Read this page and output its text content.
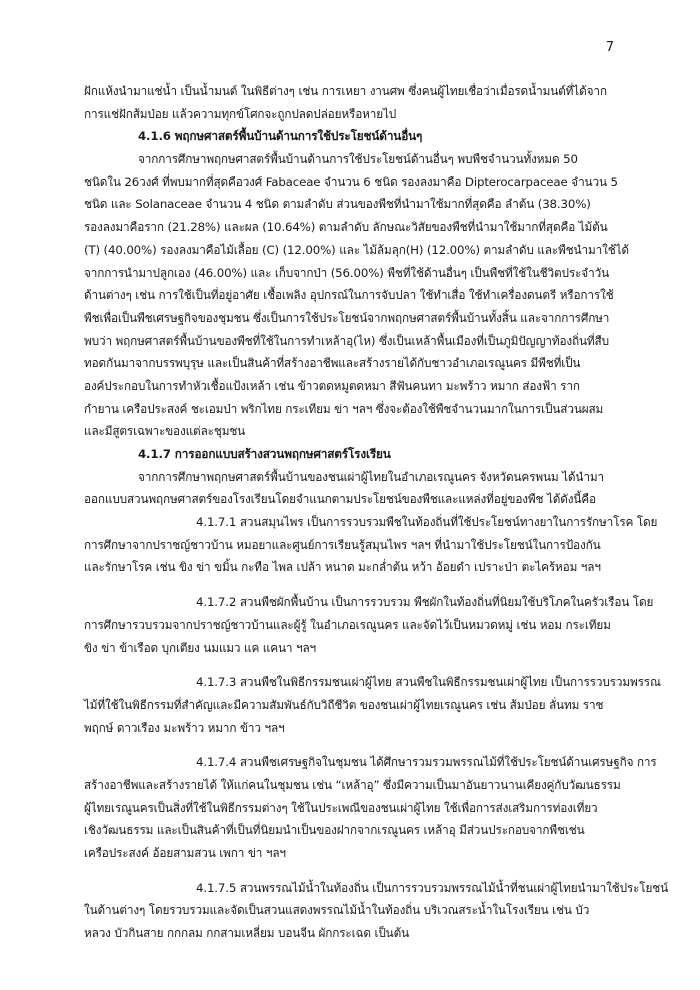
7
ฝักแห้งนำมาแช่น้ำ เป็นน้ำมนต์ ในพิธีต่างๆ เช่น การเหยา งานศพ ซึ่งคนผู้ไทยเชื่อว่าเมื่อรดน้ำมนต์ที่ได้จาก
การแช่ฝักส้มป่อย แล้วความทุกข์โศกจะถูกปลดปล่อยหรือหายไป
4.1.6 พฤกษศาสตร์พื้นบ้านด้านการใช้ประโยชน์ด้านอื่นๆ
จากการศึกษาพฤกษศาสตร์พื้นบ้านด้านการใช้ประโยชน์ด้านอื่นๆ พบพืชจำนวนทั้งหมด 50
ชนิดใน 26วงศ์ ที่พบมากที่สุดคือวงศ์ Fabaceae จำนวน 6 ชนิด รองลงมาคือ Dipterocarpaceae จำนวน 5
ชนิด และ Solanaceae จำนวน 4 ชนิด ตามลำดับ ส่วนของพืชที่นำมาใช้มากที่สุดคือ ลำต้น (38.30%)
รองลงมาคือราก (21.28%) และผล (10.64%) ตามลำดับ ลักษณะวิสัยของพืชที่นำมาใช้มากที่สุดคือ ไม้ต้น
(T) (40.00%) รองลงมาคือไม้เลื้อย (C) (12.00%) และ ไม้ล้มลุก(H) (12.00%) ตามลำดับ และพืชนำมาใช้ได้
จากการนำมาปลูกเอง (46.00%) และ เก็บจากป่า (56.00%) พืชที่ใช้ด้านอื่นๆ เป็นพืชที่ใช้ในชีวิตประจำวัน
ด้านต่างๆ เช่น การใช้เป็นที่อยู่อาศัย เชื้อเพลิง อุปกรณ์ในการจับปลา ใช้ทำเสื่อ ใช้ทำเครื่องดนตรี หรือการใช้
พืชเพื่อเป็นพืชเศรษฐกิจของชุมชน ซึ่งเป็นการใช้ประโยชน์จากพฤกษศาสตร์พื้นบ้านทั้งสิ้น และจากการศึกษา
พบว่า พฤกษศาสตร์พื้นบ้านของพืชที่ใช้ในการทำเหล้าอุ(ไห) ซึ่งเป็นเหล้าพื้นเมืองที่เป็นภูมิปัญญาท้องถิ่นที่สืบ
ทอดกันมาจากบรรพบุรุษ และเป็นสินค้าที่สร้างอาชีพและสร้างรายได้กับชาวอำเภอเรณูนคร มีพืชที่เป็น
องค์ประกอบในการทำหัวเชื้อแป้งเหล้า เช่น ข้าวตดหมูตดหมา สีฟันคนทา มะพร้าว หมาก ส่องฟ้า ราก
กำยาน เครือประสงค์ ชะเอมป่า พริกไทย กระเทียม ข่า ฯลฯ ซึ่งจะต้องใช้พืชจำนวนมากในการเป็นส่วนผสม
และมีสูตรเฉพาะของแต่ละชุมชน
4.1.7 การออกแบบสร้างสวนพฤกษศาสตร์โรงเรียน
จากการศึกษาพฤกษศาสตร์พื้นบ้านของชนเผ่าผู้ไทยในอำเภอเรณูนคร จังหวัดนครพนม ได้นำมา
ออกแบบสวนพฤกษศาสตร์ของโรงเรียนโดยจำแนกตามประโยชน์ของพืชและแหล่งที่อยู่ของพืช ได้ดังนี้คือ
4.1.7.1 สวนสมุนไพร เป็นการรวบรวมพืชในท้องถิ่นที่ใช้ประโยชน์ทางยาในการรักษาโรค โดย
การศึกษาจากปราชญ์ชาวบ้าน หมอยาและศูนย์การเรียนรู้สมุนไพร ฯลฯ ที่นำมาใช้ประโยชน์ในการป้องกัน
และรักษาโรค เช่น ขิง ข่า ขมิ้น กะทือ ไพล เปล้า หนาด มะกล่ำต้น หว้า อ้อยดำ เปราะป่า ตะไคร้หอม ฯลฯ
4.1.7.2 สวนพืชผักพื้นบ้าน เป็นการรวบรวม พืชผักในท้องถิ่นที่นิยมใช้บริโภคในครัวเรือน โดย
การศึกษารวบรวมจากปราชญ์ชาวบ้านและผู้รู้ ในอำเภอเรณูนคร และจัดไว้เป็นหมวดหมู่ เช่น หอม กระเทียม
ขิง ข่า ข้าเรือด บุกเตียง นมแมว แค แคนา ฯลฯ
4.1.7.3 สวนพืชในพิธีกรรมชนเผ่าผู้ไทย สวนพืชในพิธีกรรมชนเผ่าผู้ไทย เป็นการรวบรวมพรรณ
ไม้ที่ใช้ในพิธีกรรมที่สำคัญและมีความสัมพันธ์กับวิถีชีวิต ของชนเผ่าผู้ไทยเรณูนคร เช่น ส้มป่อย ลั่นทม ราช
พฤกษ์ ดาวเรือง มะพร้าว หมาก ข้าว ฯลฯ
4.1.7.4 สวนพืชเศรษฐกิจในชุมชน ได้ศึกษารวมรวมพรรณไม้ที่ใช้ประโยชน์ด้านเศรษฐกิจ การ
สร้างอาชีพและสร้างรายได้ ให้แก่คนในชุมชน เช่น “เหล้าอุ” ซึ่งมีความเป็นมาอันยาวนานเคียงคู่กับวัฒนธรรม
ผู้ไทยเรณูนครเป็นสิ่งที่ใช้ในพิธีกรรมต่างๆ ใช้ในประเพณีของชนเผ่าผู้ไทย ใช้เพื่อการส่งเสริมการท่องเที่ยว
เชิงวัฒนธรรม และเป็นสินค้าที่เป็นที่นิยมนำเป็นของฝากจากเรณูนคร เหล้าอุ มีส่วนประกอบจากพืชเช่น
เครือประสงค์ อ้อยสามสวน เพกา ข่า ฯลฯ
4.1.7.5 สวนพรรณไม้น้ำในท้องถิ่น เป็นการรวบรวมพรรณไม้น้ำที่ชนเผ่าผู้ไทยนำมาใช้ประโยชน์
ในด้านต่างๆ โดยรวบรวมและจัดเป็นสวนแสดงพรรณไม้น้ำในท้องถิ่น บริเวณสระน้ำในโรงเรียน เช่น บัว
หลวง บัวกินสาย กกกลม กกสามเหลี่ยม บอนจีน ผักกระเฉด เป็นต้น
